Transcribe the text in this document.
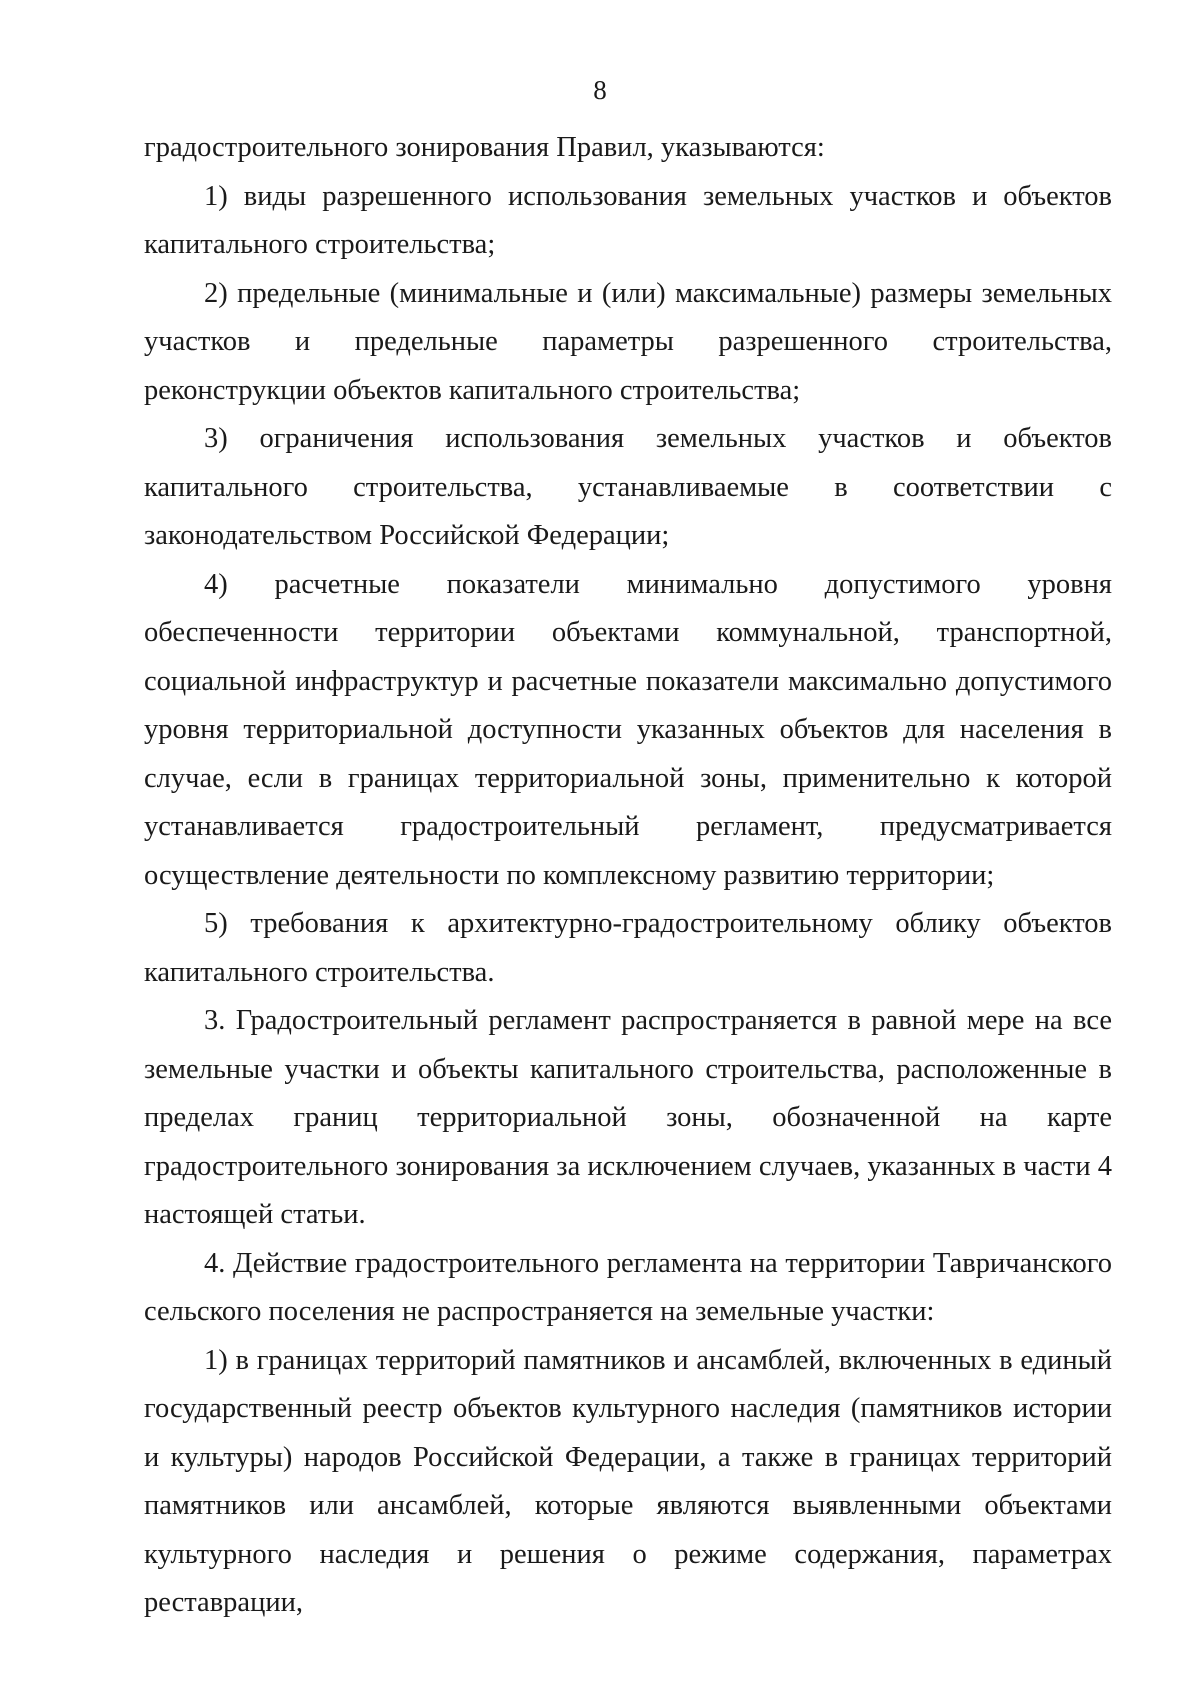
8

градостроительного зонирования Правил, указываются:

1) виды разрешенного использования земельных участков и объектов капитального строительства;

2) предельные (минимальные и (или) максимальные) размеры земельных участков и предельные параметры разрешенного строительства, реконструкции объектов капитального строительства;

3) ограничения использования земельных участков и объектов капитального строительства, устанавливаемые в соответствии с законодательством Российской Федерации;

4) расчетные показатели минимально допустимого уровня обеспеченности территории объектами коммунальной, транспортной, социальной инфраструктур и расчетные показатели максимально допустимого уровня территориальной доступности указанных объектов для населения в случае, если в границах территориальной зоны, применительно к которой устанавливается градостроительный регламент, предусматривается осуществление деятельности по комплексному развитию территории;

5) требования к архитектурно-градостроительному облику объектов капитального строительства.

3. Градостроительный регламент распространяется в равной мере на все земельные участки и объекты капитального строительства, расположенные в пределах границ территориальной зоны, обозначенной на карте градостроительного зонирования за исключением случаев, указанных в части 4 настоящей статьи.

4. Действие градостроительного регламента на территории Тавричанского сельского поселения не распространяется на земельные участки:

1) в границах территорий памятников и ансамблей, включенных в единый государственный реестр объектов культурного наследия (памятников истории и культуры) народов Российской Федерации, а также в границах территорий памятников или ансамблей, которые являются выявленными объектами культурного наследия и решения о режиме содержания, параметрах реставрации,
